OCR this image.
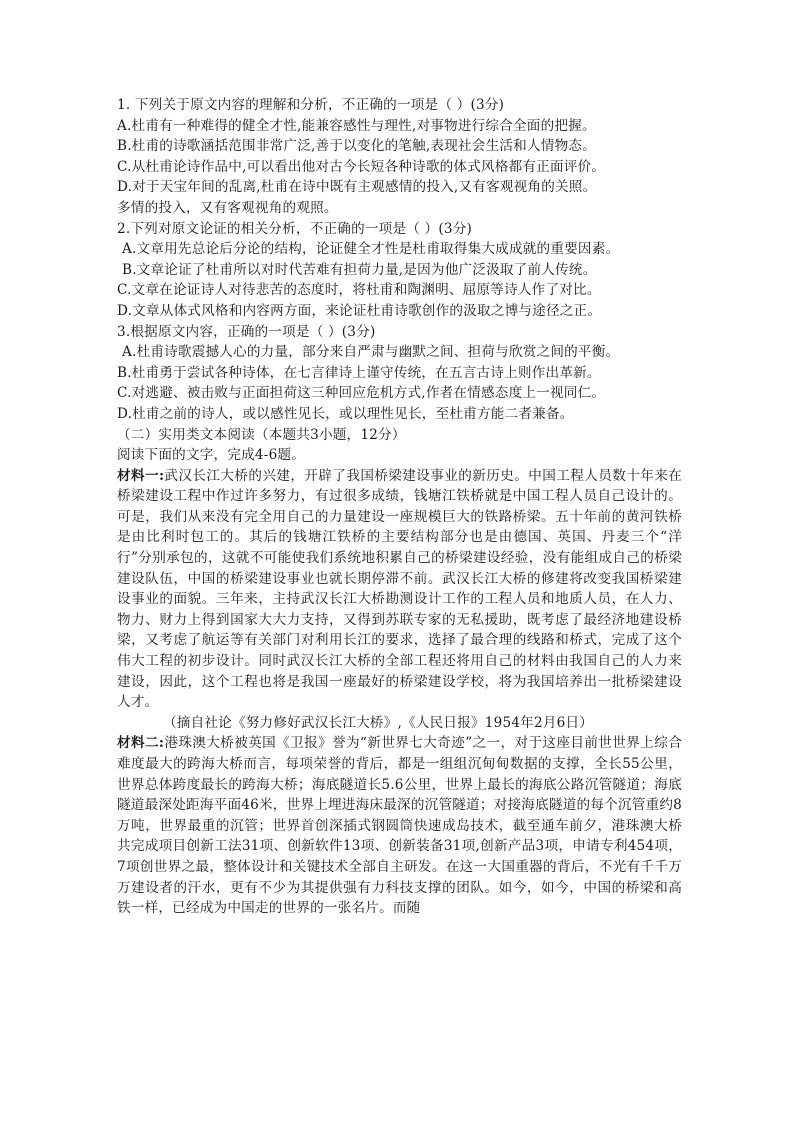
1. 下列关于原文内容的理解和分析，不正确的一项是（ ）(3分)

A.杜甫有一种难得的健全才性,能兼容感性与理性,对事物进行综合全面的把握。

B.杜甫的诗歌涵括范围非常广泛,善于以变化的笔触,表现社会生活和人情物态。

C.从杜甫论诗作品中,可以看出他对古今长短各种诗歌的体式风格都有正面评价。

D.对于天宝年间的乱离,杜甫在诗中既有主观感情的投入,又有客观视角的关照。

多情的投入，又有客观视角的观照。

2.下列对原文论证的相关分析，不正确的一项是（ ）(3分)

A.文章用先总论后分论的结构，论证健全才性是杜甫取得集大成成就的重要因素。

B.文章论证了杜甫所以对时代苦难有担荷力量,是因为他广泛汲取了前人传统。

C.文章在论证诗人对待悲苦的态度时，将杜甫和陶渊明、屈原等诗人作了对比。

D.文章从体式风格和内容两方面，来论证杜甫诗歌创作的汲取之博与途径之正。

3.根据原文内容，正确的一项是（ ）(3分)

A.杜甫诗歌震撼人心的力量，部分来自严肃与幽默之间、担荷与欣赏之间的平衡。

B.杜甫勇于尝试各种诗体，在七言律诗上谨守传统，在五言古诗上则作出革新。

C.对逃避、被击败与正面担荷这三种回应危机方式,作者在情感态度上一视同仁。

D.杜甫之前的诗人，或以感性见长，或以理性见长，至杜甫方能二者兼备。

（二）实用类文本阅读（本题共3小题，12分）

阅读下面的文字，完成4-6题。

材料一:武汉长江大桥的兴建，开辟了我国桥梁建设事业的新历史。中国工程人员数十年来在桥梁建设工程中作过许多努力，有过很多成绩，钱塘江铁桥就是中国工程人员自己设计的。可是，我们从来没有完全用自己的力量建设一座规模巨大的铁路桥梁。五十年前的黄河铁桥是由比利时包工的。其后的钱塘江铁桥的主要结构部分也是由德国、英国、丹麦三个“洋行”分别承包的，这就不可能使我们系统地积累自己的桥梁建设经验，没有能组成自己的桥梁建设队伍，中国的桥梁建设事业也就长期停滞不前。武汉长江大桥的修建将改变我国桥梁建设事业的面貌。三年来，主持武汉长江大桥勘测设计工作的工程人员和地质人员，在人力、物力、财力上得到国家大大力支持，又得到苏联专家的无私援助，既考虑了最经济地建设桥梁，又考虑了航运等有关部门对利用长江的要求，选择了最合理的线路和桥式，完成了这个伟大工程的初步设计。同时武汉长江大桥的全部工程还将用自己的材料由我国自己的人力来建设，因此，这个工程也将是我国一座最好的桥梁建设学校，将为我国培养出一批桥梁建设人才。

（摘自社论《努力修好武汉长江大桥》,《人民日报》1954年2月6日）

材料二:港珠澳大桥被英国《卫报》誉为“新世界七大奇迹”之一，对于这座目前世世界上综合难度最大的跨海大桥而言，每项荣誉的背后，都是一组组沉甸甸数据的支撑，全长55公里，世界总体跨度最长的跨海大桥；海底隧道长5.6公里，世界上最长的海底公路沉管隧道；海底隧道最深处距海平面46米，世界上埋进海床最深的沉管隧道；对接海底隧道的每个沉管重约8万吨，世界最重的沉管；世界首创深插式钢圆筒快速成岛技术，截至通车前夕，港珠澳大桥共完成项目创新工法31项、创新软件13项、创新装备31项,创新产品3项，申请专利454项，7项创世界之最，整体设计和关键技术全部自主研发。在这一大国重器的背后，不光有千千万万建设者的汗水，更有不少为其提供强有力科技支撑的团队。如今，如今，中国的桥梁和高铁一样，已经成为中国走的世界的一张名片。而随
